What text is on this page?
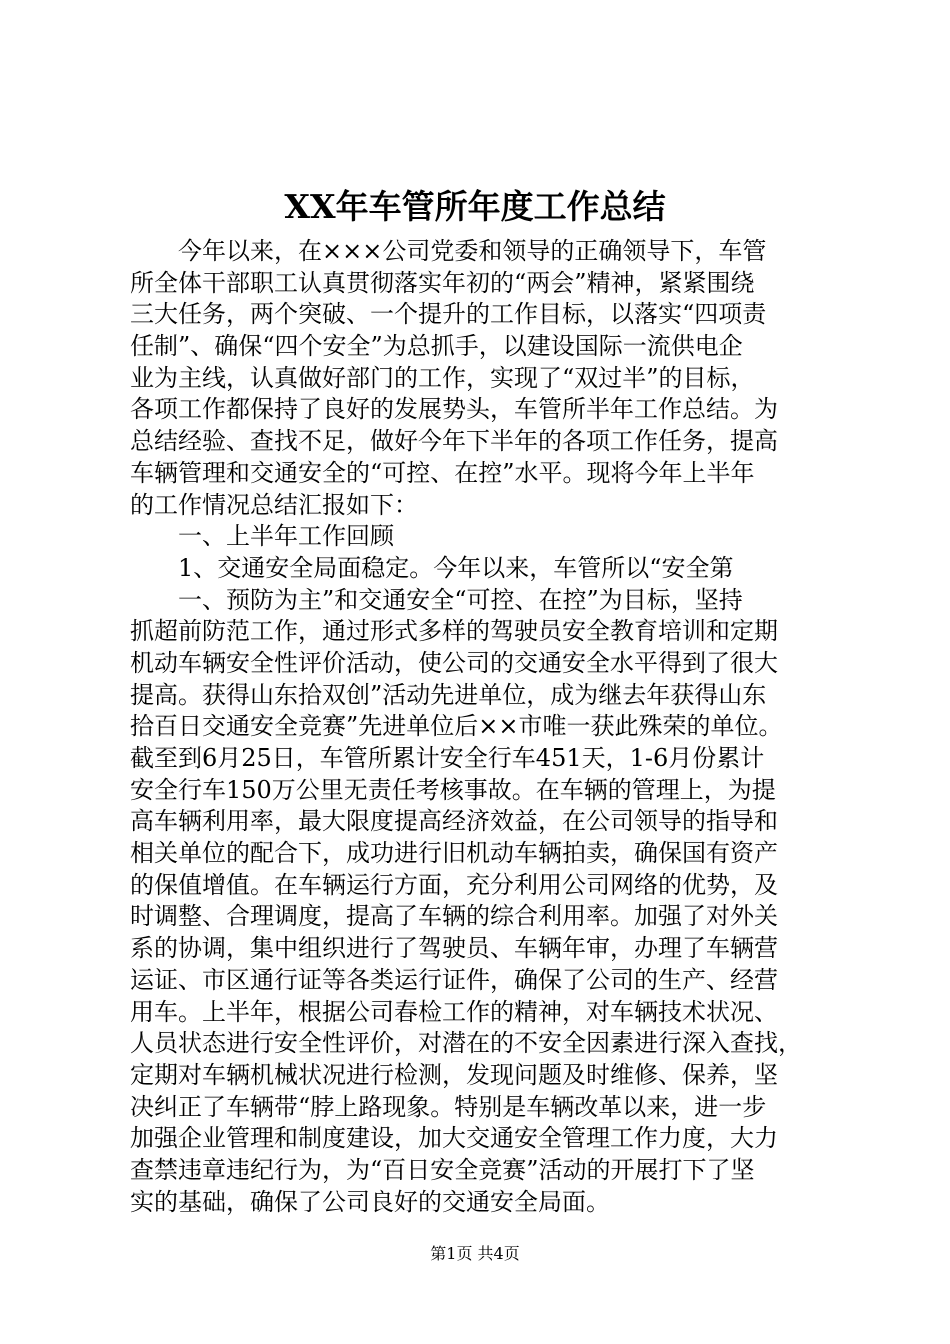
XX年车管所年度工作总结
今年以来，在×××公司党委和领导的正确领导下，车管
所全体干部职工认真贯彻落实年初的“两会”精神，紧紧围绕
三大任务，两个突破、一个提升的工作目标，以落实“四项责
任制”、确保“四个安全”为总抓手，以建设国际一流供电企
业为主线，认真做好部门的工作，实现了“双过半”的目标，
各项工作都保持了良好的发展势头，车管所半年工作总结。为
总结经验、查找不足，做好今年下半年的各项工作任务，提高
车辆管理和交通安全的“可控、在控”水平。现将今年上半年
的工作情况总结汇报如下：
一、上半年工作回顾
1、交通安全局面稳定。今年以来，车管所以“安全第
一、预防为主”和交通安全“可控、在控”为目标，坚持
抓超前防范工作，通过形式多样的驾驶员安全教育培训和定期
机动车辆安全性评价活动，使公司的交通安全水平得到了很大
提高。获得山东拾双创”活动先进单位，成为继去年获得山东
拾百日交通安全竞赛”先进单位后××市唯一获此殊荣的单位。
截至到6月25日，车管所累计安全行车451天，1-6月份累计
安全行车150万公里无责任考核事故。在车辆的管理上，为提
高车辆利用率，最大限度提高经济效益，在公司领导的指导和
相关单位的配合下，成功进行旧机动车辆拍卖，确保国有资产
的保值增值。在车辆运行方面，充分利用公司网络的优势，及
时调整、合理调度，提高了车辆的综合利用率。加强了对外关
系的协调，集中组织进行了驾驶员、车辆年审，办理了车辆营
运证、市区通行证等各类运行证件，确保了公司的生产、经营
用车。上半年，根据公司春检工作的精神，对车辆技术状况、
人员状态进行安全性评价，对潜在的不安全因素进行深入查找，
定期对车辆机械状况进行检测，发现问题及时维修、保养，坚
决纠正了车辆带“脖上路现象。特别是车辆改革以来，进一步
加强企业管理和制度建设，加大交通安全管理工作力度，大力
查禁违章违纪行为，为“百日安全竞赛”活动的开展打下了坚
实的基础，确保了公司良好的交通安全局面。
第1页 共4页
